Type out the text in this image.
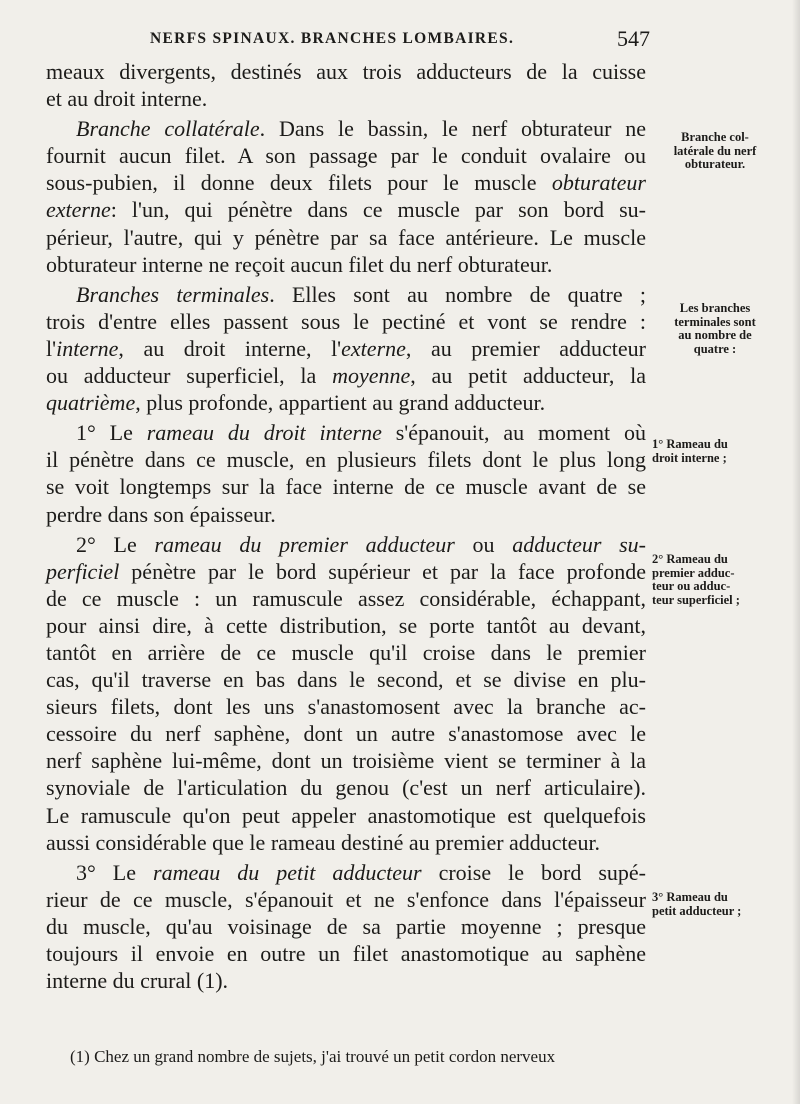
NERFS SPINAUX. BRANCHES LOMBAIRES.	547
meaux divergents, destinés aux trois adducteurs de la cuisse
et au droit interne.
Branche collatérale. Dans le bassin, le nerf obturateur ne
fournit aucun filet. A son passage par le conduit ovalaire ou
sous-pubien, il donne deux filets pour le muscle obturateur
externe: l'un, qui pénètre dans ce muscle par son bord su-
périeur, l'autre, qui y pénètre par sa face antérieure. Le muscle
obturateur interne ne reçoit aucun filet du nerf obturateur.
Branches terminales. Elles sont au nombre de quatre ;
trois d'entre elles passent sous le pectiné et vont se rendre :
l'interne, au droit interne, l'externe, au premier adducteur
ou adducteur superficiel, la moyenne, au petit adducteur, la
quatrième, plus profonde, appartient au grand adducteur.
1° Le rameau du droit interne s'épanouit, au moment où
il pénètre dans ce muscle, en plusieurs filets dont le plus long
se voit longtemps sur la face interne de ce muscle avant de se
perdre dans son épaisseur.
2° Le rameau du premier adducteur ou adducteur su-
perficiel pénètre par le bord supérieur et par la face profonde
de ce muscle : un ramuscule assez considérable, échappant,
pour ainsi dire, à cette distribution, se porte tantôt au devant,
tantôt en arrière de ce muscle qu'il croise dans le premier
cas, qu'il traverse en bas dans le second, et se divise en plu-
sieurs filets, dont les uns s'anastomosent avec la branche ac-
cessoire du nerf saphène, dont un autre s'anastomose avec le
nerf saphène lui-même, dont un troisième vient se terminer à la
synoviale de l'articulation du genou (c'est un nerf articulaire).
Le ramuscule qu'on peut appeler anastomotique est quelquefois
aussi considérable que le rameau destiné au premier adducteur.
3° Le rameau du petit adducteur croise le bord supé-
rieur de ce muscle, s'épanouit et ne s'enfonce dans l'épaisseur
du muscle, qu'au voisinage de sa partie moyenne ; presque
toujours il envoie en outre un filet anastomotique au saphène
interne du crural (1).
Branche col-
latérale du nerf
obturateur.
Les branches
terminales sont
au nombre de
quatre :
1° Rameau du
droit interne ;
2° Rameau du
premier adduc-
teur ou adduc-
teur superficiel ;
3° Rameau du
petit adducteur ;
(1) Chez un grand nombre de sujets, j'ai trouvé un petit cordon nerveux
